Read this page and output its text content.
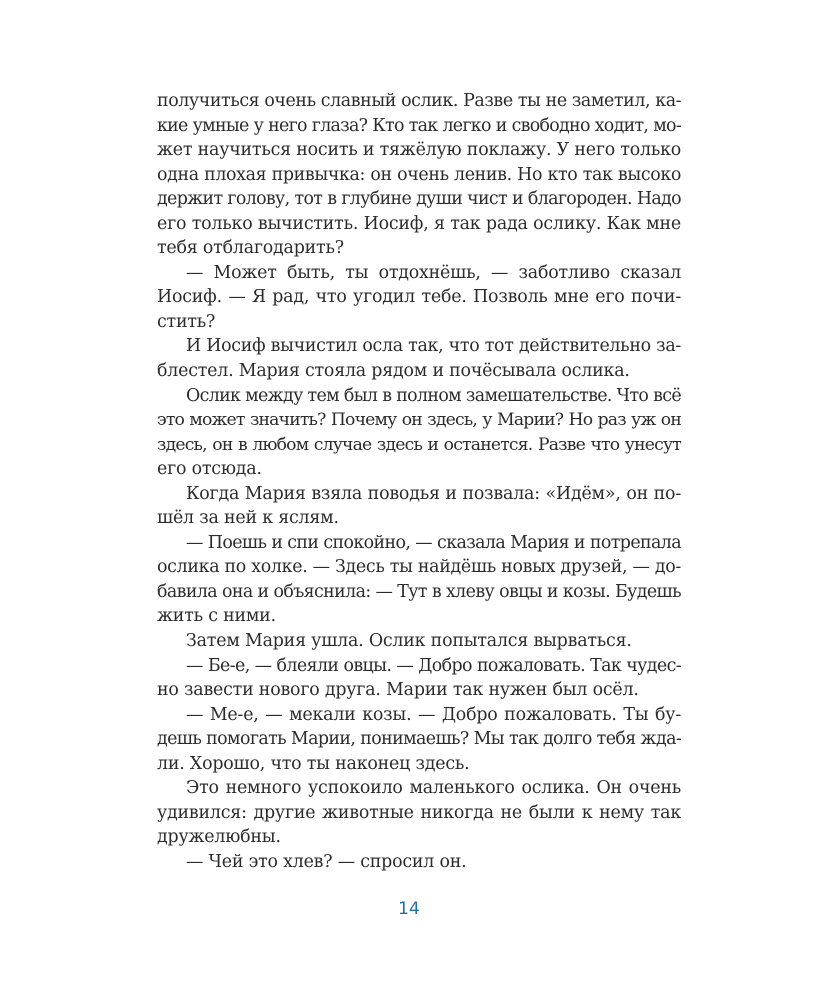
получиться очень славный ослик. Разве ты не заметил, ка-
кие умные у него глаза? Кто так легко и свободно ходит, мо-
жет научиться носить и тяжёлую поклажу. У него только
одна плохая привычка: он очень ленив. Но кто так высоко
держит голову, тот в глубине души чист и благороден. Надо
его только вычистить. Иосиф, я так рада ослику. Как мне
тебя отблагодарить?
— Может быть, ты отдохнёшь, — заботливо сказал
Иосиф. — Я рад, что угодил тебе. Позволь мне его почи-
стить?
И Иосиф вычистил осла так, что тот действительно за-
блестел. Мария стояла рядом и почёсывала ослика.
Ослик между тем был в полном замешательстве. Что всё
это может значить? Почему он здесь, у Марии? Но раз уж он
здесь, он в любом случае здесь и останется. Разве что унесут
его отсюда.
Когда Мария взяла поводья и позвала: «Идём», он по-
шёл за ней к яслям.
— Поешь и спи спокойно, — сказала Мария и потрепала
ослика по холке. — Здесь ты найдёшь новых друзей, — до-
бавила она и объяснила: — Тут в хлеву овцы и козы. Будешь
жить с ними.
Затем Мария ушла. Ослик попытался вырваться.
— Бе-е, — блеяли овцы. — Добро пожаловать. Так чудес-
но завести нового друга. Марии так нужен был осёл.
— Ме-е, — мекали козы. — Добро пожаловать. Ты бу-
дешь помогать Марии, понимаешь? Мы так долго тебя жда-
ли. Хорошо, что ты наконец здесь.
Это немного успокоило маленького ослика. Он очень
удивился: другие животные никогда не были к нему так
дружелюбны.
— Чей это хлев? — спросил он.
14
